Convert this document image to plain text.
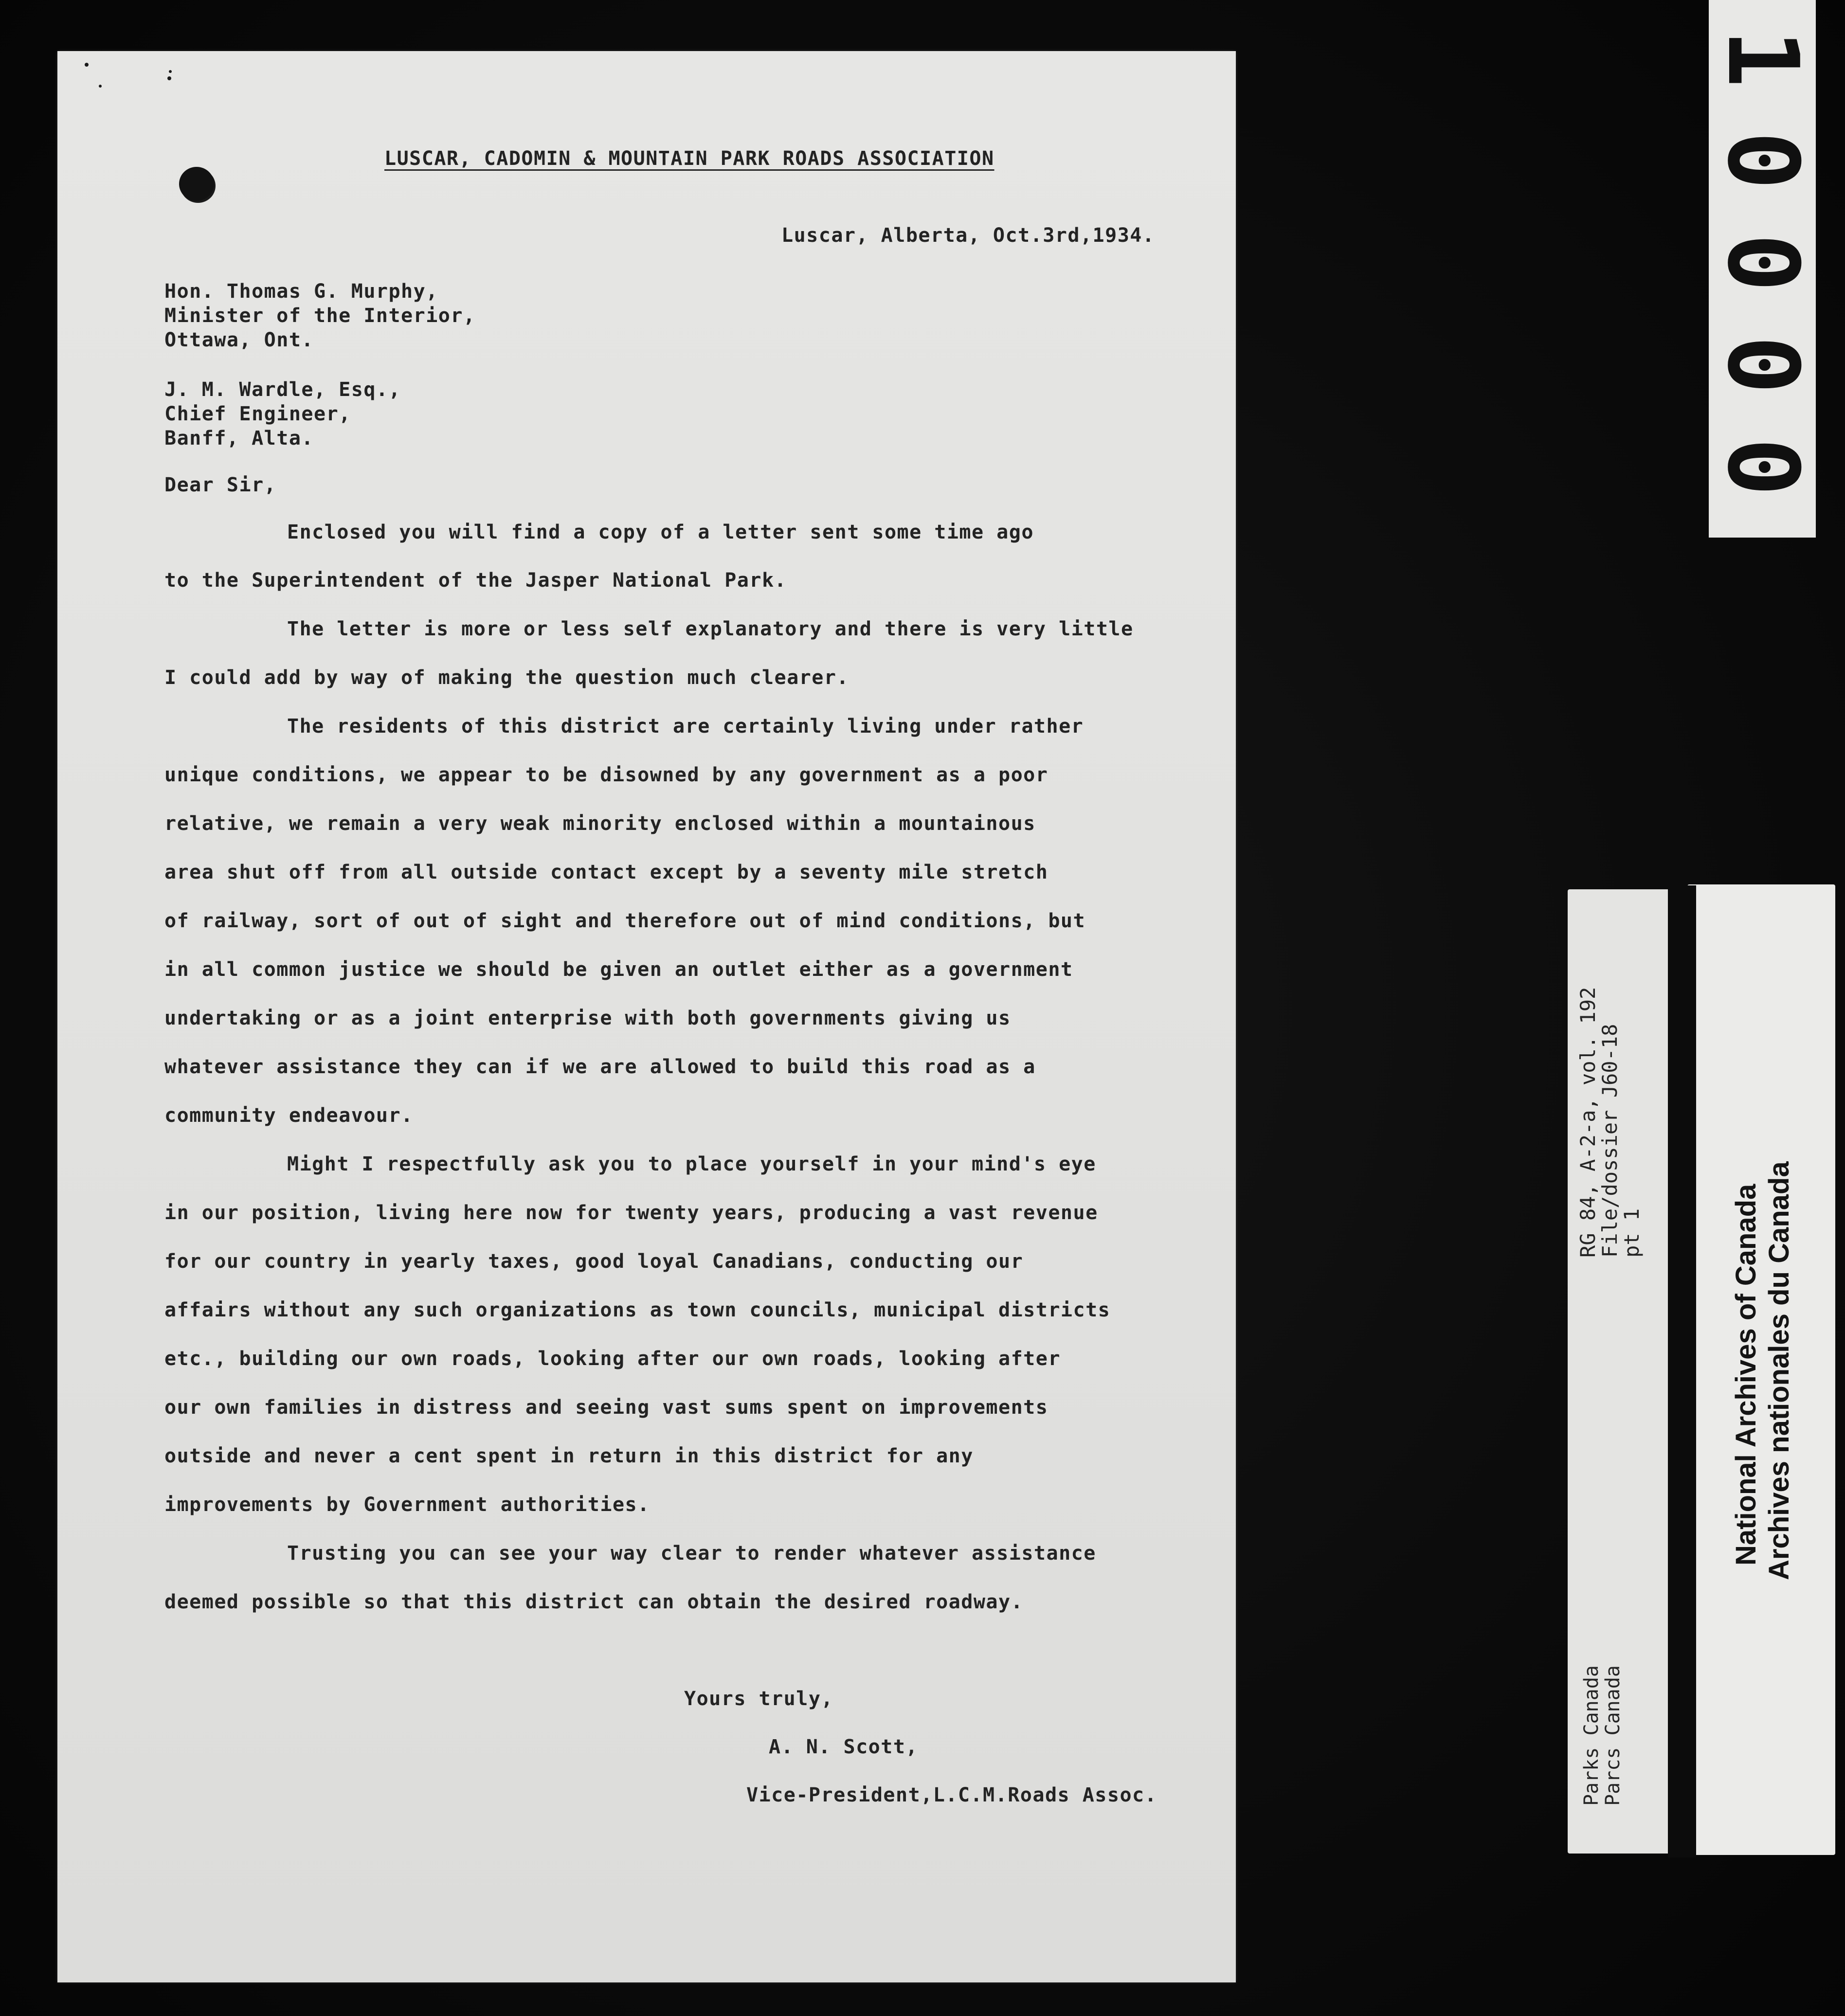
LUSCAR, CADOMIN & MOUNTAIN PARK ROADS ASSOCIATION
Luscar, Alberta, Oct.3rd,1934.
Hon. Thomas G. Murphy,
Minister of the Interior,
Ottawa, Ont.
J. M. Wardle, Esq.,
Chief Engineer,
Banff, Alta.
Dear Sir,
Enclosed you will find a copy of a letter sent some time ago
to the Superintendent of the Jasper National Park.
The letter is more or less self explanatory and there is very little
I could add by way of making the question much clearer.
The residents of this district are certainly living under rather
unique conditions, we appear to be disowned by any government as a poor
relative, we remain a very weak minority enclosed within a mountainous
area shut off from all outside contact except by a seventy mile stretch
of railway, sort of out of sight and therefore out of mind conditions, but
in all common justice we should be given an outlet either as a government
undertaking or as a joint enterprise with both governments giving us
whatever assistance they can if we are allowed to build this road as a
community endeavour.
Might I respectfully ask you to place yourself in your mind's eye
in our position, living here now for twenty years, producing a vast revenue
for our country in yearly taxes, good loyal Canadians, conducting our
affairs without any such organizations as town councils, municipal districts
etc., building our own roads, looking after our own roads, looking after
our own families in distress and seeing vast sums spent on improvements
outside and never a cent spent in return in this district for any
improvements by Government authorities.
Trusting you can see your way clear to render whatever assistance
deemed possible so that this district can obtain the desired roadway.
Yours truly,
A. N. Scott,
Vice-President,L.C.M.Roads Assoc.
1
0
0
0
0
RG 84, A-2-a, vol. 192
File/dossier J60-18
pt 1
Parks Canada
Parcs Canada
National Archives of Canada Archives nationales du Canada
